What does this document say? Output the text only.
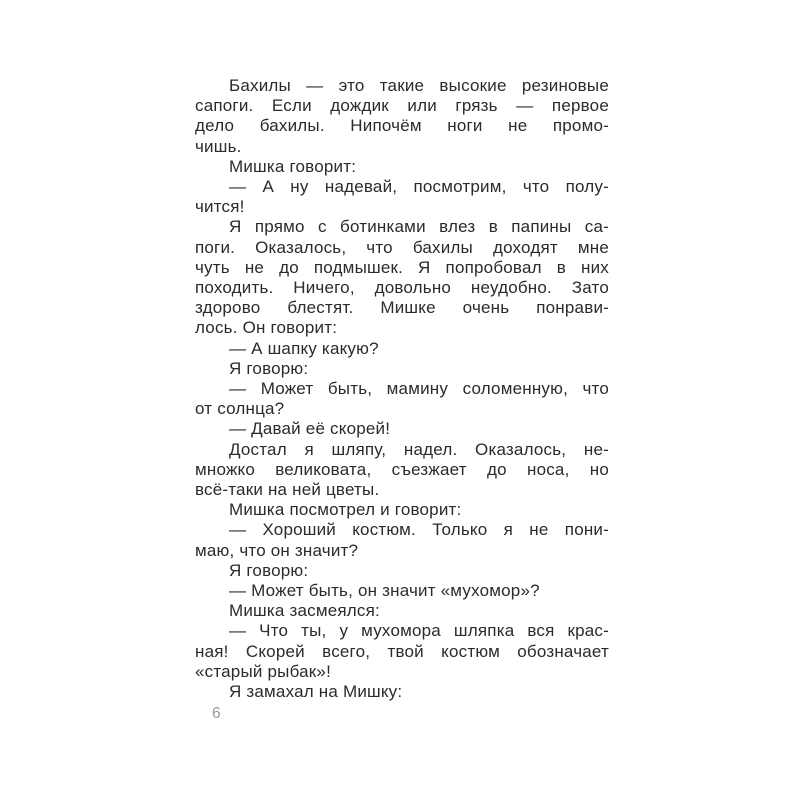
Бахилы — это такие высокие резиновые
сапоги. Если дождик или грязь — первое
дело бахилы. Нипочём ноги не промо-
чишь.
Мишка говорит:
— А ну надевай, посмотрим, что полу-
чится!
Я прямо с ботинками влез в папины са-
поги. Оказалось, что бахилы доходят мне
чуть не до подмышек. Я попробовал в них
походить. Ничего, довольно неудобно. Зато
здорово блестят. Мишке очень понрави-
лось. Он говорит:
— А шапку какую?
Я говорю:
— Может быть, мамину соломенную, что
от солнца?
— Давай её скорей!
Достал я шляпу, надел. Оказалось, не-
множко великовата, съезжает до носа, но
всё-таки на ней цветы.
Мишка посмотрел и говорит:
— Хороший костюм. Только я не пони-
маю, что он значит?
Я говорю:
— Может быть, он значит «мухомор»?
Мишка засмеялся:
— Что ты, у мухомора шляпка вся крас-
ная! Скорей всего, твой костюм обозначает
«старый рыбак»!
Я замахал на Мишку:
6
